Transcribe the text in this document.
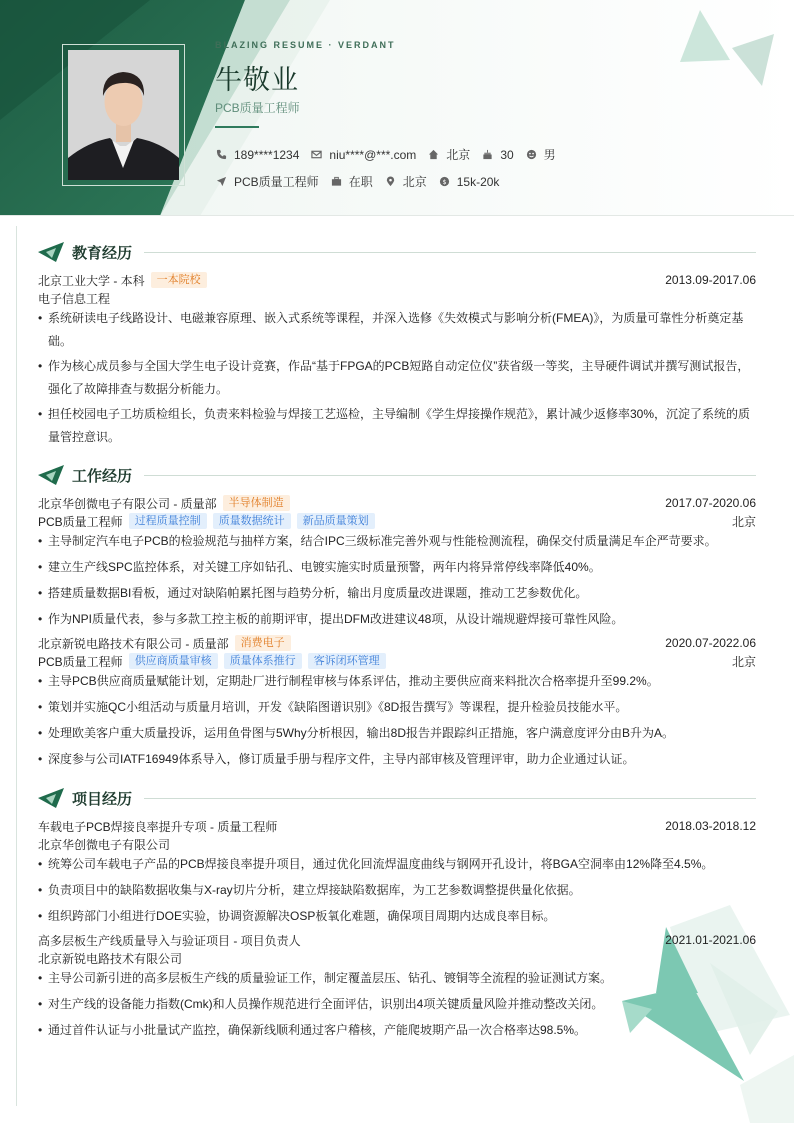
BLAZING RESUME · VERDANT
牛敬业
PCB质量工程师
189****1234	niu****@***.com	北京	30	男
PCB质量工程师	在职	北京 $ 15k-20k
教育经历
北京工业大学 - 本科	一本院校	2013.09-2017.06
电子信息工程
• 系统研读电子线路设计、电磁兼容原理、嵌入式系统等课程，并深入选修《失效模式与影响分析(FMEA)》，为质量可靠性分析奠定基础。
• 作为核心成员参与全国大学生电子设计竞赛，作品“基于FPGA的PCB短路自动定位仪”获省级一等奖，主导硬件调试并撰写测试报告，强化了故障排查与数据分析能力。
• 担任校园电子工坊质检组长，负责来料检验与焊接工艺巡检，主导编制《学生焊接操作规范》，累计减少返修率30%，沉淀了系统的质量管控意识。
工作经历
北京华创微电子有限公司 - 质量部	半导体制造	2017.07-2020.06
PCB质量工程师	过程质量控制	质量数据统计	新品质量策划	北京
• 主导制定汽车电子PCB的检验规范与抽样方案，结合IPC三级标准完善外观与性能检测流程，确保交付质量满足车企严苛要求。
• 建立生产线SPC监控体系，对关键工序如钻孔、电镀实施实时质量预警，两年内将异常停线率降低40%。
• 搭建质量数据BI看板，通过对缺陷帕累托图与趋势分析，输出月度质量改进课题，推动工艺参数优化。
• 作为NPI质量代表，参与多款工控主板的前期评审，提出DFM改进建议48项，从设计端规避焊接可靠性风险。
北京新锐电路技术有限公司 - 质量部	消费电子	2020.07-2022.06
PCB质量工程师	供应商质量审核	质量体系推行	客诉闭环管理	北京
• 主导PCB供应商质量赋能计划，定期赴厂进行制程审核与体系评估，推动主要供应商来料批次合格率提升至99.2%。
• 策划并实施QC小组活动与质量月培训，开发《缺陷图谱识别》《8D报告撰写》等课程，提升检验员技能水平。
• 处理欧美客户重大质量投诉，运用鱼骨图与5Why分析根因，输出8D报告并跟踪纠正措施，客户满意度评分由B升为A。
• 深度参与公司IATF16949体系导入，修订质量手册与程序文件，主导内部审核及管理评审，助力企业通过认证。
项目经历
车载电子PCB焊接良率提升专项 - 质量工程师	2018.03-2018.12
北京华创微电子有限公司
• 统筹公司车载电子产品的PCB焊接良率提升项目，通过优化回流焊温度曲线与钢网开孔设计，将BGA空洞率由12%降至4.5%。
• 负责项目中的缺陷数据收集与X-ray切片分析，建立焊接缺陷数据库，为工艺参数调整提供量化依据。
• 组织跨部门小组进行DOE实验，协调资源解决OSP板氧化难题，确保项目周期内达成良率目标。
高多层板生产线质量导入与验证项目 - 项目负责人	2021.01-2021.06
北京新锐电路技术有限公司
• 主导公司新引进的高多层板生产线的质量验证工作，制定覆盖层压、钻孔、镀铜等全流程的验证测试方案。
• 对生产线的设备能力指数(Cmk)和人员操作规范进行全面评估，识别出4项关键质量风险并推动整改关闭。
• 通过首件认证与小批量试产监控，确保新线顺利通过客户稽核，产能爬坡期产品一次合格率达98.5%。
